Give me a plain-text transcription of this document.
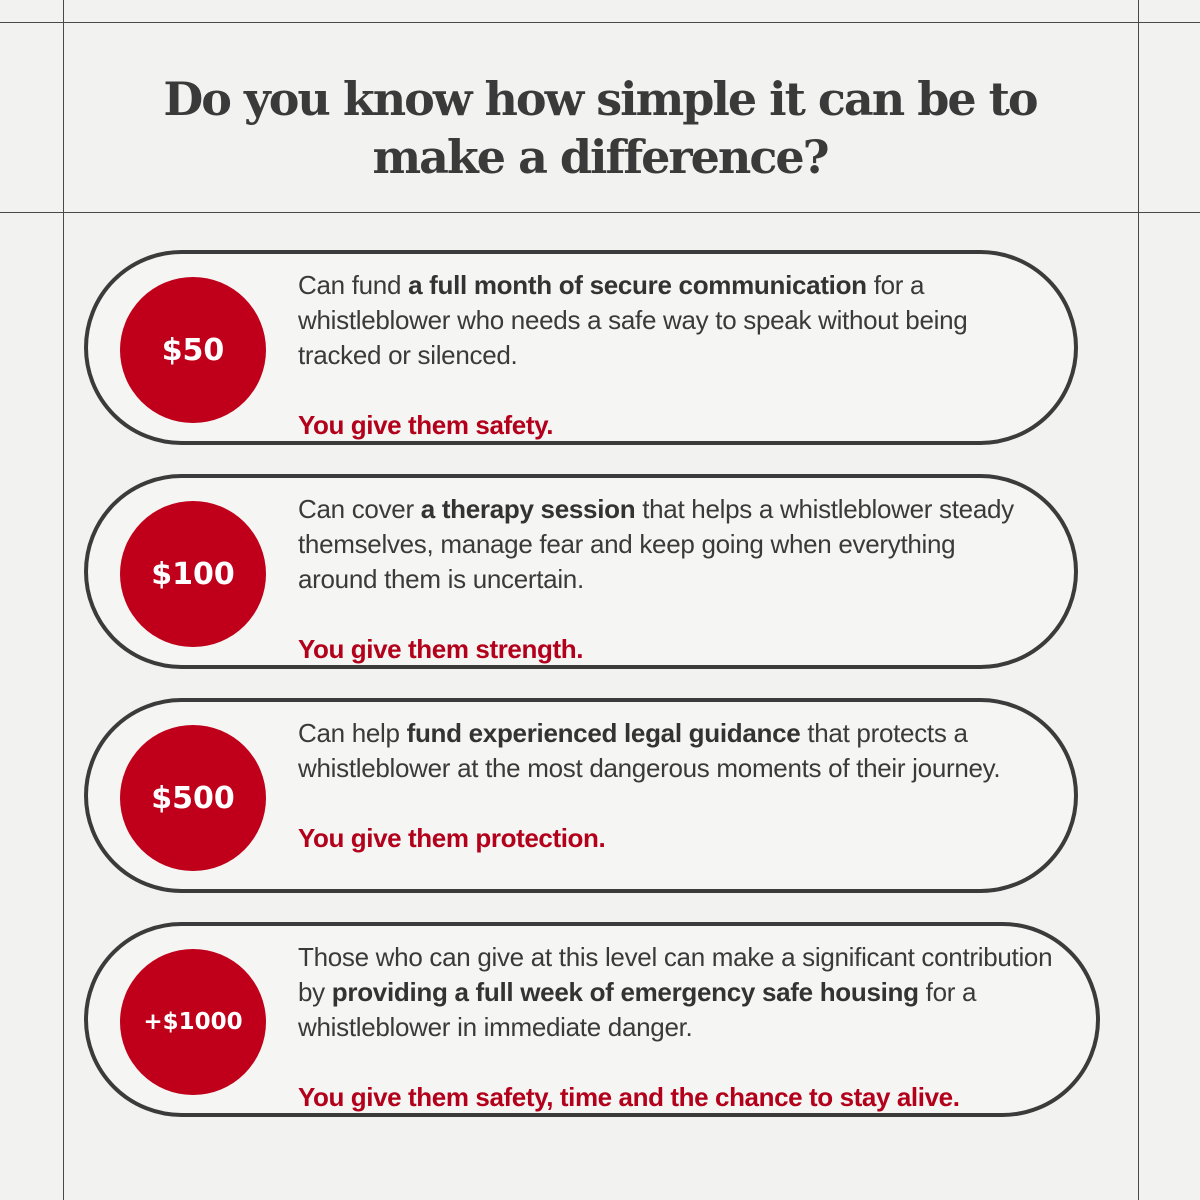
Do you know how simple it can be to make a difference?
$50

Can fund a full month of secure communication for a whistleblower who needs a safe way to speak without being tracked or silenced.

You give them safety.

$100

Can cover a therapy session that helps a whistleblower steady themselves, manage fear and keep going when everything around them is uncertain.

You give them strength.

$500

Can help fund experienced legal guidance that protects a whistleblower at the most dangerous moments of their journey.

You give them protection.

+$1000

Those who can give at this level can make a significant contribution by providing a full week of emergency safe housing for a whistleblower in immediate danger.

You give them safety, time and the chance to stay alive.
